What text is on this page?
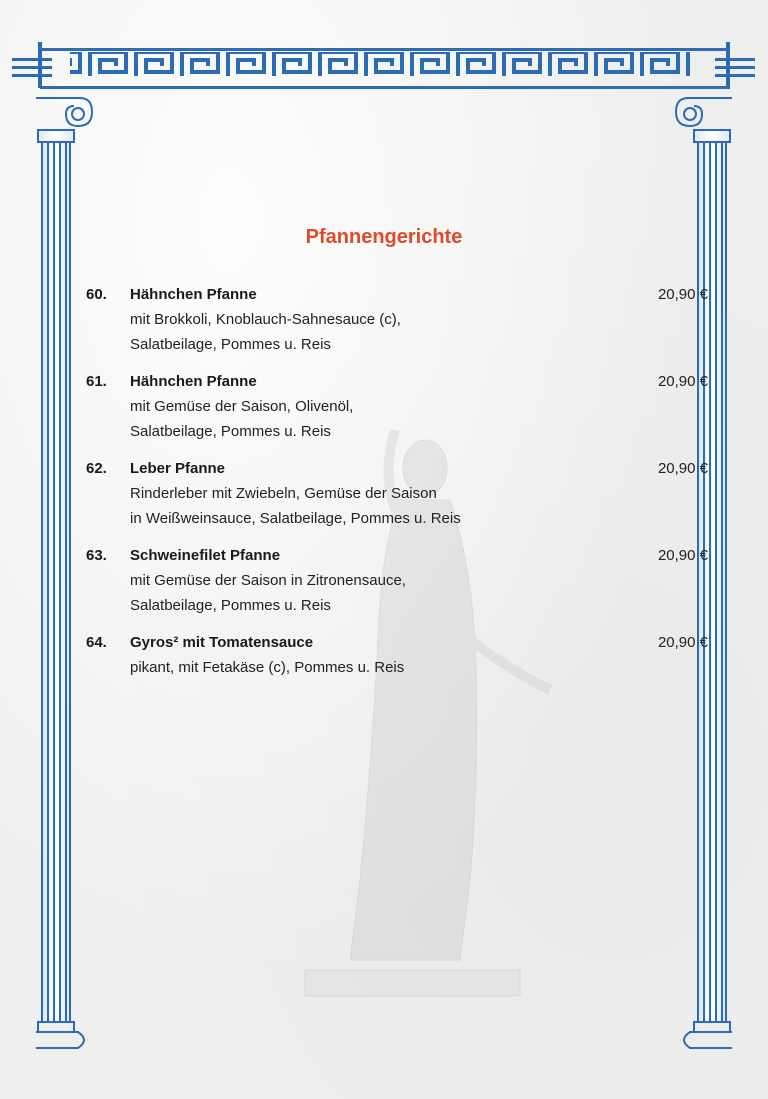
Pfannengerichte
60. Hähnchen Pfanne
mit Brokkoli, Knoblauch-Sahnesauce (c),
Salatbeilage, Pommes u. Reis
20,90 €
61. Hähnchen Pfanne
mit Gemüse der Saison, Olivenöl,
Salatbeilage, Pommes u. Reis
20,90 €
62. Leber Pfanne
Rinderleber mit Zwiebeln, Gemüse der Saison
in Weißweinsauce, Salatbeilage, Pommes u. Reis
20,90 €
63. Schweinefilet Pfanne
mit Gemüse der Saison in Zitronensauce,
Salatbeilage, Pommes u. Reis
20,90 €
64. Gyros² mit Tomatensauce
pikant, mit Fetakäse (c), Pommes u. Reis
20,90 €
